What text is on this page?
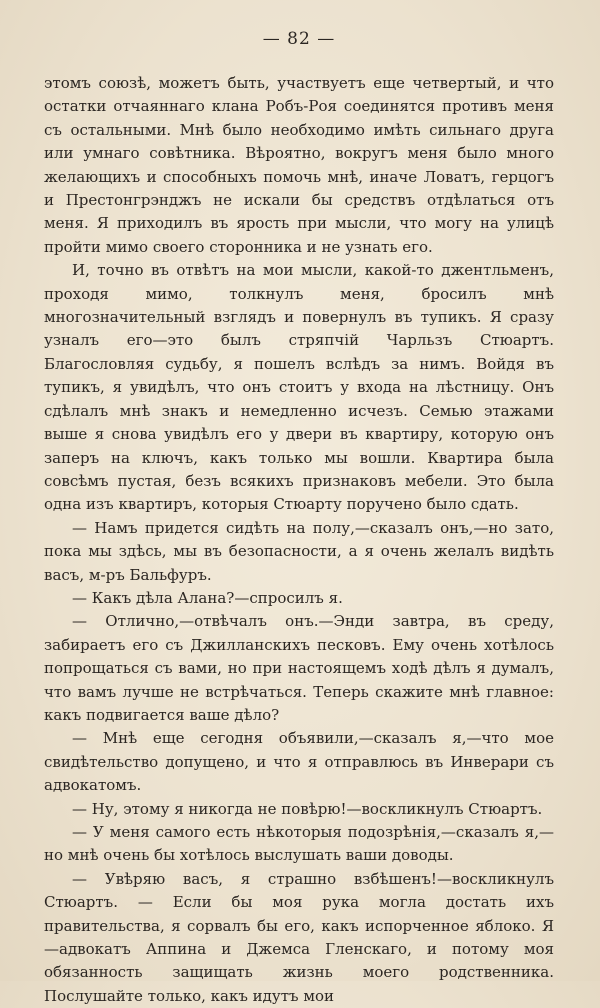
— 82 —

этомъ союзѣ, можетъ быть, участвуетъ еще четвертый, и что остатки отчаяннаго клана Робъ-Роя соединятся противъ меня съ остальными. Мнѣ было необходимо имѣть сильнаго друга или умнаго совѣтника. Вѣроятно, вокругъ меня было много желающихъ и способныхъ помочь мнѣ, иначе Ловатъ, герцогъ и Престонгрэнджъ не искали бы средствъ отдѣлаться отъ меня. Я приходилъ въ ярость при мысли, что могу на улицѣ пройти мимо своего сторонника и не узнать его.

И, точно въ отвѣтъ на мои мысли, какой-то джентльменъ, проходя мимо, толкнулъ меня, бросилъ мнѣ многозначительный взглядъ и повернулъ въ тупикъ. Я сразу узналъ его—это былъ стряпчій Чарльзъ Стюартъ. Благословляя судьбу, я пошелъ вслѣдъ за нимъ. Войдя въ тупикъ, я увидѣлъ, что онъ стоитъ у входа на лѣстницу. Онъ сдѣлалъ мнѣ знакъ и немедленно исчезъ. Семью этажами выше я снова увидѣлъ его у двери въ квартиру, которую онъ заперъ на ключъ, какъ только мы вошли. Квартира была совсѣмъ пустая, безъ всякихъ признаковъ мебели. Это была одна изъ квартиръ, которыя Стюарту поручено было сдать.

— Намъ придется сидѣть на полу,—сказалъ онъ,—но зато, пока мы здѣсь, мы въ безопасности, а я очень желалъ видѣть васъ, м-ръ Бальфуръ.

— Какъ дѣла Алана?—спросилъ я.

— Отлично,—отвѣчалъ онъ.—Энди завтра, въ среду, забираетъ его съ Джилланскихъ песковъ. Ему очень хотѣлось попрощаться съ вами, но при настоящемъ ходѣ дѣлъ я думалъ, что вамъ лучше не встрѣчаться. Теперь скажите мнѣ главное: какъ подвигается ваше дѣло?

— Мнѣ еще сегодня объявили,—сказалъ я,—что мое свидѣтельство допущено, и что я отправлюсь въ Инверари съ адвокатомъ.

— Ну, этому я никогда не повѣрю!—воскликнулъ Стюартъ.

— У меня самого есть нѣкоторыя подозрѣнія,—сказалъ я,—но мнѣ очень бы хотѣлось выслушать ваши доводы.

— Увѣряю васъ, я страшно взбѣшенъ!—воскликнулъ Стюартъ. — Если бы моя рука могла достать ихъ правительства, я сорвалъ бы его, какъ испорченное яблоко. Я—адвокатъ Аппина и Джемса Гленскаго, и потому моя обязанность защищать жизнь моего родственника. Послушайте только, какъ идутъ мои
